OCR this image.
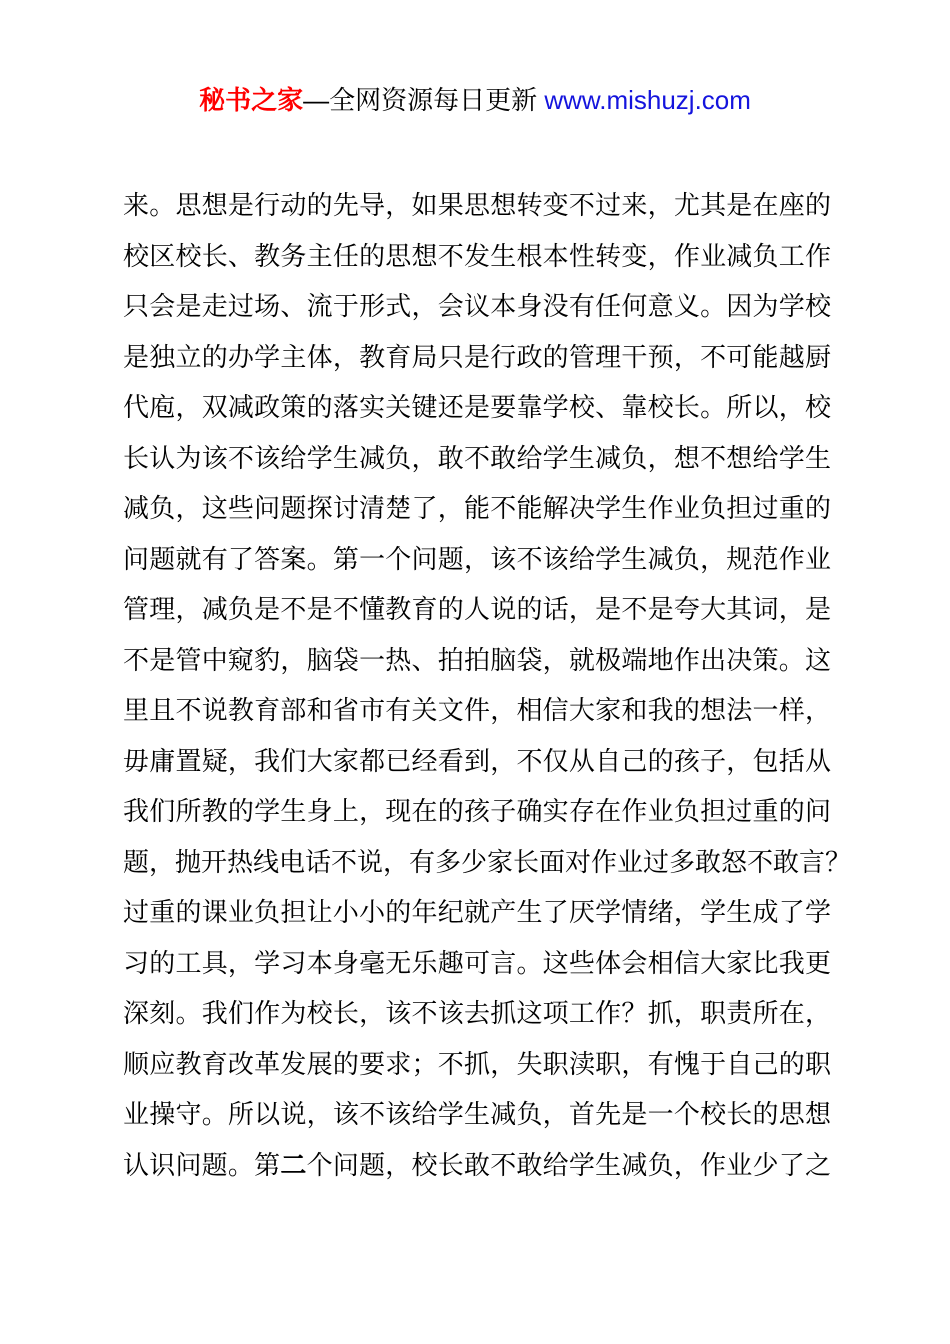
秘书之家—全网资源每日更新 www.mishuzj.com
来。思想是行动的先导，如果思想转变不过来，尤其是在座的
校区校长、教务主任的思想不发生根本性转变，作业减负工作
只会是走过场、流于形式，会议本身没有任何意义。因为学校
是独立的办学主体，教育局只是行政的管理干预，不可能越厨
代庖，双减政策的落实关键还是要靠学校、靠校长。所以，校
长认为该不该给学生减负，敢不敢给学生减负，想不想给学生
减负，这些问题探讨清楚了，能不能解决学生作业负担过重的
问题就有了答案。第一个问题，该不该给学生减负，规范作业
管理，减负是不是不懂教育的人说的话，是不是夸大其词，是
不是管中窥豹，脑袋一热、拍拍脑袋，就极端地作出决策。这
里且不说教育部和省市有关文件，相信大家和我的想法一样，
毋庸置疑，我们大家都已经看到，不仅从自己的孩子，包括从
我们所教的学生身上，现在的孩子确实存在作业负担过重的问
题，抛开热线电话不说，有多少家长面对作业过多敢怒不敢言？
过重的课业负担让小小的年纪就产生了厌学情绪，学生成了学
习的工具，学习本身毫无乐趣可言。这些体会相信大家比我更
深刻。我们作为校长，该不该去抓这项工作？抓，职责所在，
顺应教育改革发展的要求；不抓，失职渎职，有愧于自己的职
业操守。所以说，该不该给学生减负，首先是一个校长的思想
认识问题。第二个问题，校长敢不敢给学生减负，作业少了之
